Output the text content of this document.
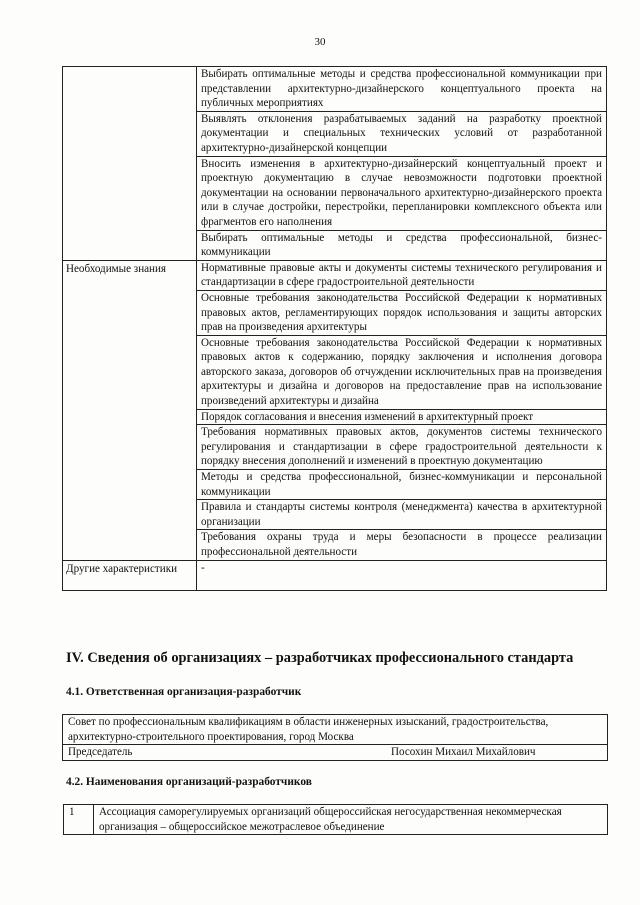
30
	Выбирать оптимальные методы и средства профессиональной коммуникации при представлении архитектурно-дизайнерского концептуального проекта на публичных мероприятиях
	Выявлять отклонения разрабатываемых заданий на разработку проектной документации и специальных технических условий от разработанной архитектурно-дизайнерской концепции
	Вносить изменения в архитектурно-дизайнерский концептуальный проект и проектную документацию в случае невозможности подготовки проектной документации на основании первоначального архитектурно-дизайнерского проекта или в случае достройки, перестройки, перепланировки комплексного объекта или фрагментов его наполнения
	Выбирать оптимальные методы и средства профессиональной, бизнес-коммуникации
Необходимые знания	Нормативные правовые акты и документы системы технического регулирования и стандартизации в сфере градостроительной деятельности
	Основные требования законодательства Российской Федерации к нормативных правовых актов, регламентирующих порядок использования и защиты авторских прав на произведения архитектуры
	Основные требования законодательства Российской Федерации к нормативных правовых актов к содержанию, порядку заключения и исполнения договора авторского заказа, договоров об отчуждении исключительных прав на произведения архитектуры и дизайна и договоров на предоставление прав на использование произведений архитектуры и дизайна
	Порядок согласования и внесения изменений в архитектурный проект
	Требования нормативных правовых актов, документов системы технического регулирования и стандартизации в сфере градостроительной деятельности к порядку внесения дополнений и изменений в проектную документацию
	Методы и средства профессиональной, бизнес-коммуникации и персональной коммуникации
	Правила и стандарты системы контроля (менеджмента) качества в архитектурной организации
	Требования охраны труда и меры безопасности в процессе реализации профессиональной деятельности
Другие характеристики	-
IV. Сведения об организациях – разработчиках профессионального стандарта
4.1. Ответственная организация-разработчик
Совет по профессиональным квалификациям в области инженерных изысканий, градостроительства, архитектурно-строительного проектирования, город Москва
Председатель	Посохин Михаил Михайлович
4.2. Наименования организаций-разработчиков
1	Ассоциация саморегулируемых организаций общероссийская негосударственная некоммерческая организация – общероссийское межотраслевое объединение
